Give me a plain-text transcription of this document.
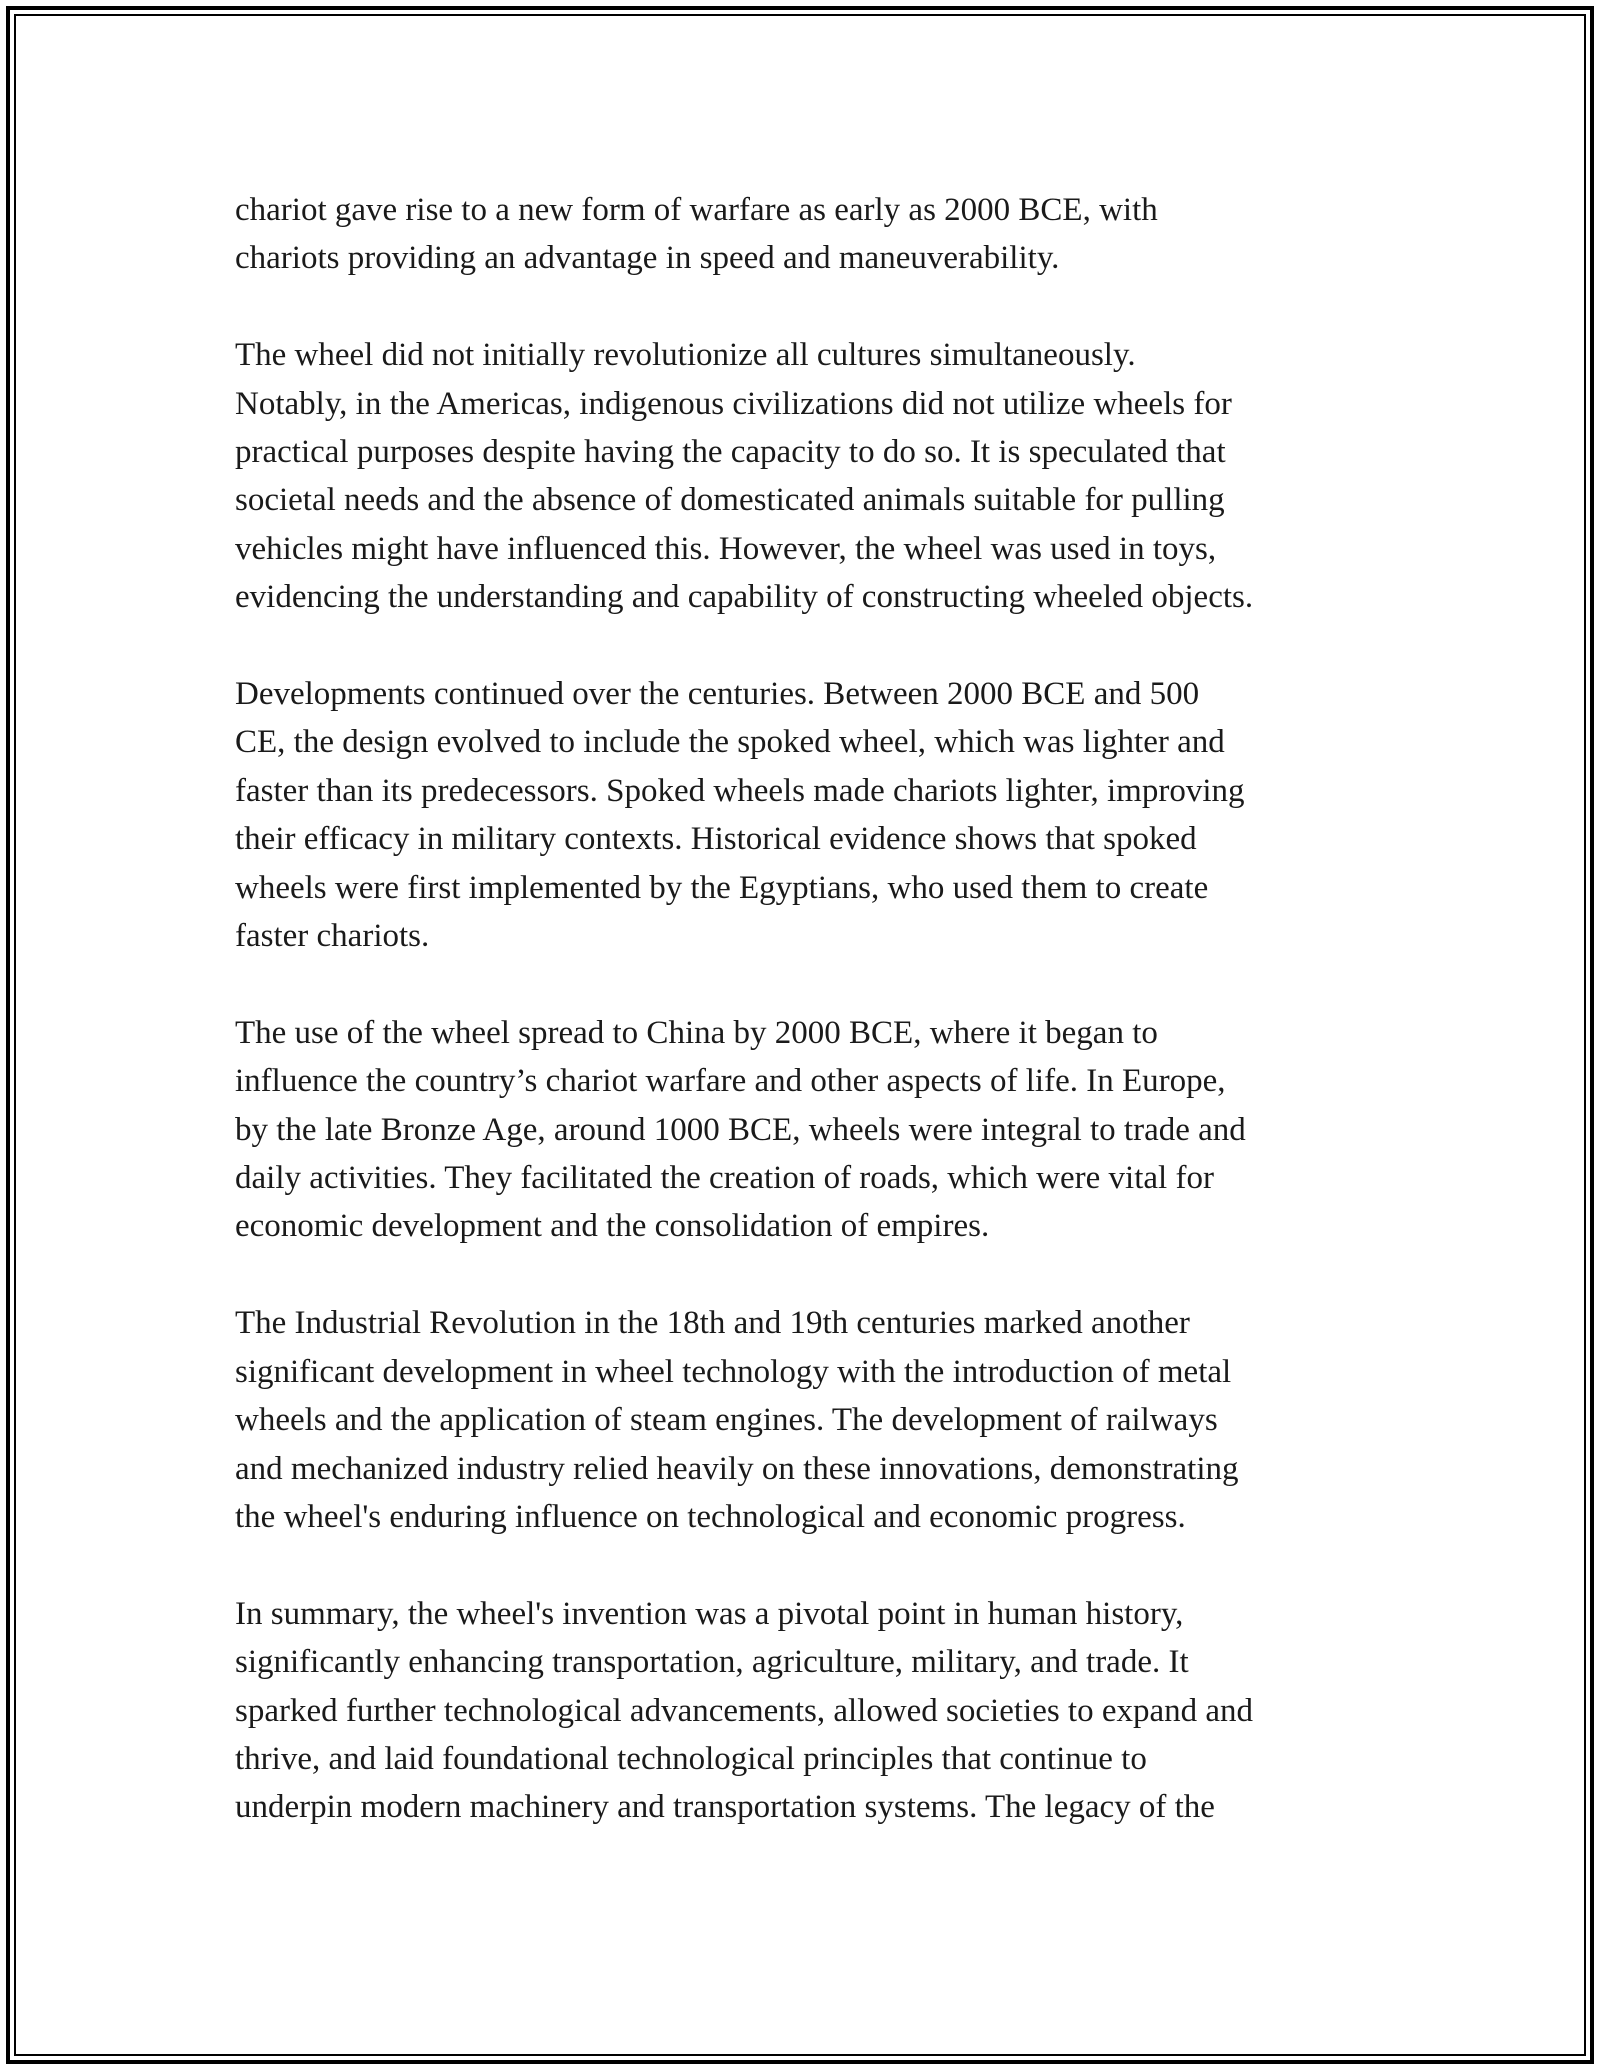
chariot gave rise to a new form of warfare as early as 2000 BCE, with
chariots providing an advantage in speed and maneuverability.

The wheel did not initially revolutionize all cultures simultaneously.
Notably, in the Americas, indigenous civilizations did not utilize wheels for
practical purposes despite having the capacity to do so. It is speculated that
societal needs and the absence of domesticated animals suitable for pulling
vehicles might have influenced this. However, the wheel was used in toys,
evidencing the understanding and capability of constructing wheeled objects.

Developments continued over the centuries. Between 2000 BCE and 500
CE, the design evolved to include the spoked wheel, which was lighter and
faster than its predecessors. Spoked wheels made chariots lighter, improving
their efficacy in military contexts. Historical evidence shows that spoked
wheels were first implemented by the Egyptians, who used them to create
faster chariots.

The use of the wheel spread to China by 2000 BCE, where it began to
influence the country’s chariot warfare and other aspects of life. In Europe,
by the late Bronze Age, around 1000 BCE, wheels were integral to trade and
daily activities. They facilitated the creation of roads, which were vital for
economic development and the consolidation of empires.

The Industrial Revolution in the 18th and 19th centuries marked another
significant development in wheel technology with the introduction of metal
wheels and the application of steam engines. The development of railways
and mechanized industry relied heavily on these innovations, demonstrating
the wheel's enduring influence on technological and economic progress.

In summary, the wheel's invention was a pivotal point in human history,
significantly enhancing transportation, agriculture, military, and trade. It
sparked further technological advancements, allowed societies to expand and
thrive, and laid foundational technological principles that continue to
underpin modern machinery and transportation systems. The legacy of the
